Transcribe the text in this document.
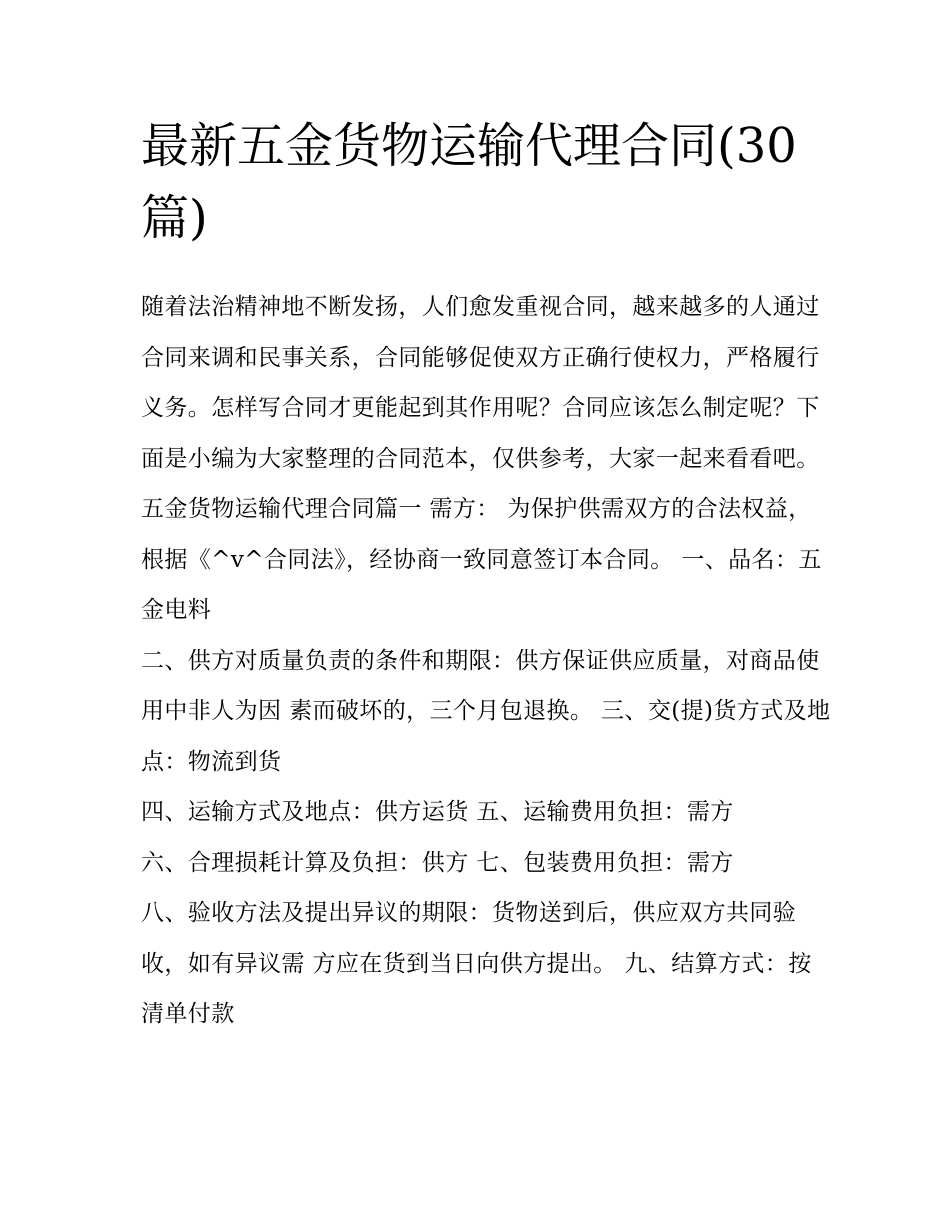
最新五金货物运输代理合同(30篇)

随着法治精神地不断发扬，人们愈发重视合同，越来越多的人通过合同来调和民事关系，合同能够促使双方正确行使权力，严格履行义务。怎样写合同才更能起到其作用呢？合同应该怎么制定呢？下面是小编为大家整理的合同范本，仅供参考，大家一起来看看吧。

五金货物运输代理合同篇一 需方： 为保护供需双方的合法权益，根据《^v^合同法》，经协商一致同意签订本合同。 一、品名：五金电料

二、供方对质量负责的条件和期限：供方保证供应质量，对商品使用中非人为因 素而破坏的，三个月包退换。 三、交(提)货方式及地点：物流到货

四、运输方式及地点：供方运货 五、运输费用负担：需方

六、合理损耗计算及负担：供方 七、包装费用负担：需方

八、验收方法及提出异议的期限：货物送到后，供应双方共同验收，如有异议需 方应在货到当日向供方提出。 九、结算方式：按清单付款
